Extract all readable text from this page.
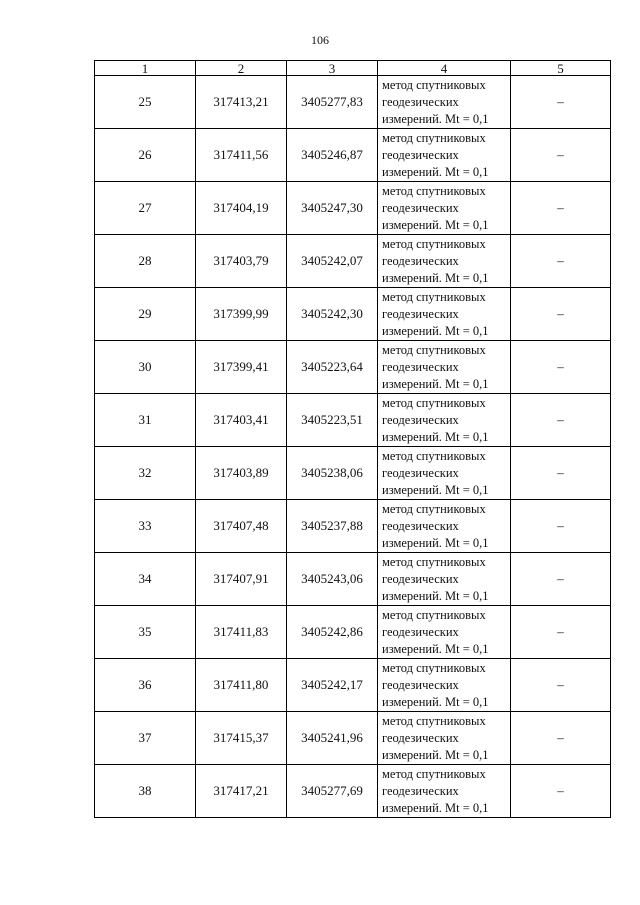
106
1	2	3	4	5
25	317413,21	3405277,83	метод спутниковых
геодезических
измерений. Mt = 0,1	–
26	317411,56	3405246,87	метод спутниковых
геодезических
измерений. Mt = 0,1	–
27	317404,19	3405247,30	метод спутниковых
геодезических
измерений. Mt = 0,1	–
28	317403,79	3405242,07	метод спутниковых
геодезических
измерений. Mt = 0,1	–
29	317399,99	3405242,30	метод спутниковых
геодезических
измерений. Mt = 0,1	–
30	317399,41	3405223,64	метод спутниковых
геодезических
измерений. Mt = 0,1	–
31	317403,41	3405223,51	метод спутниковых
геодезических
измерений. Mt = 0,1	–
32	317403,89	3405238,06	метод спутниковых
геодезических
измерений. Mt = 0,1	–
33	317407,48	3405237,88	метод спутниковых
геодезических
измерений. Mt = 0,1	–
34	317407,91	3405243,06	метод спутниковых
геодезических
измерений. Mt = 0,1	–
35	317411,83	3405242,86	метод спутниковых
геодезических
измерений. Mt = 0,1	–
36	317411,80	3405242,17	метод спутниковых
геодезических
измерений. Mt = 0,1	–
37	317415,37	3405241,96	метод спутниковых
геодезических
измерений. Mt = 0,1	–
38	317417,21	3405277,69	метод спутниковых
геодезических
измерений. Mt = 0,1	–
